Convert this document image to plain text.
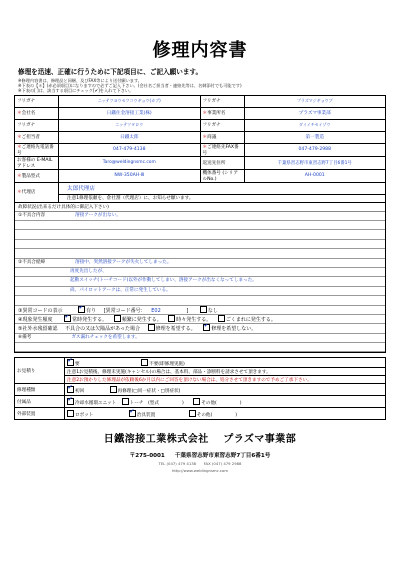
修理内容書
修理を迅速、正確に行うために下記項目に、ご記入願います。
※修理内容書は、修理品と同梱、及びFAX等により送付願います。
※下表の【＊】(赤必須項目)になりますので必ずご記入下さい。(会社名ご担当者・連絡先等は、名刺添付でも可能です)
※下表の[ ]は、該当する項目にチェック[✔]を入れて下さい。
フリガナ	ニッテツヨウセツコウギョウ(カブ)	フリガナ	プラズマジギョウブ
＊会社名	日鐵住金溶接工業(株)	＊事業所名	プラズマ事業部
フリガナ	ニッテツタロウ	フリガナ	ダイイチセイゾウ
＊ご担当者	日鐵太郎	＊商議	第一製造
＊ご連絡先電話番号	047-479-4138	＊ご連絡先FAX番号	047-479-2988
お客様の E-MAILアドレス	Taro@weldingnsmc.com	返送先住所	千葉県習志野市東習志野7丁目6番1号
＊製品型式	NW-350AH-Ⅲ	機体番号 (シリアルNo.)	AH-0001
＊代理店	太郎代理店		
	注意1修理依頼を、倉社割（代理店）に、お知らせ願います。		
故障状況(出来るだけ具体的に御記入下さい)
①不具合内容	溶接アークが出ない。
②不具合経緯	溶接中、突然溶接アークが失火してしまった。
再度先出したが、
起動スイッチ(トーチコード)以外が作動してしまい、溶接アークが出なくなってしまった。
尚、パイロットアークは、正常に発生している。
③異常コードの表示 ✔	有り [異常コード番号： E02	]	なし
④現象発生頻度 ✔	常時発生する。	頻繁に発生する。	時々発生する。	ごくまれに発生する。
⑤社外水残留確認 不具合の又は欠陥品があった場合	修理を希望する。 ✔	修理を希望しない。
⑥備考	ガス漏れチェックを希望します。
お見積り	✔要 不要(即修理実施)
	注意1お見積後、修理未実施(キャンセル)の場合は、基本料、部品・診断料を請求させて頂きます。
	注意2お預かりした修理品が依頼後6か月以内にご回答を頂けない場合は、処分させて頂きますので予めご了承下さい。
修理種類	✔初回 再修理(□同一症状・□別症状)
付属品	✔冷却水循環ユニット トーチ　(型式　　　　　) その他(　　　　　)
外部装置	ロボット ✔ 治具装置 その他(　　　　　)
日鐵溶接工業株式会社　 プラズマ事業部
〒275-0001 千葉県習志野市東習志野7丁目6番1号
TEL (047) 479 4138　　FAX (047) 479 2988
http://www.weldingnsmc.com
